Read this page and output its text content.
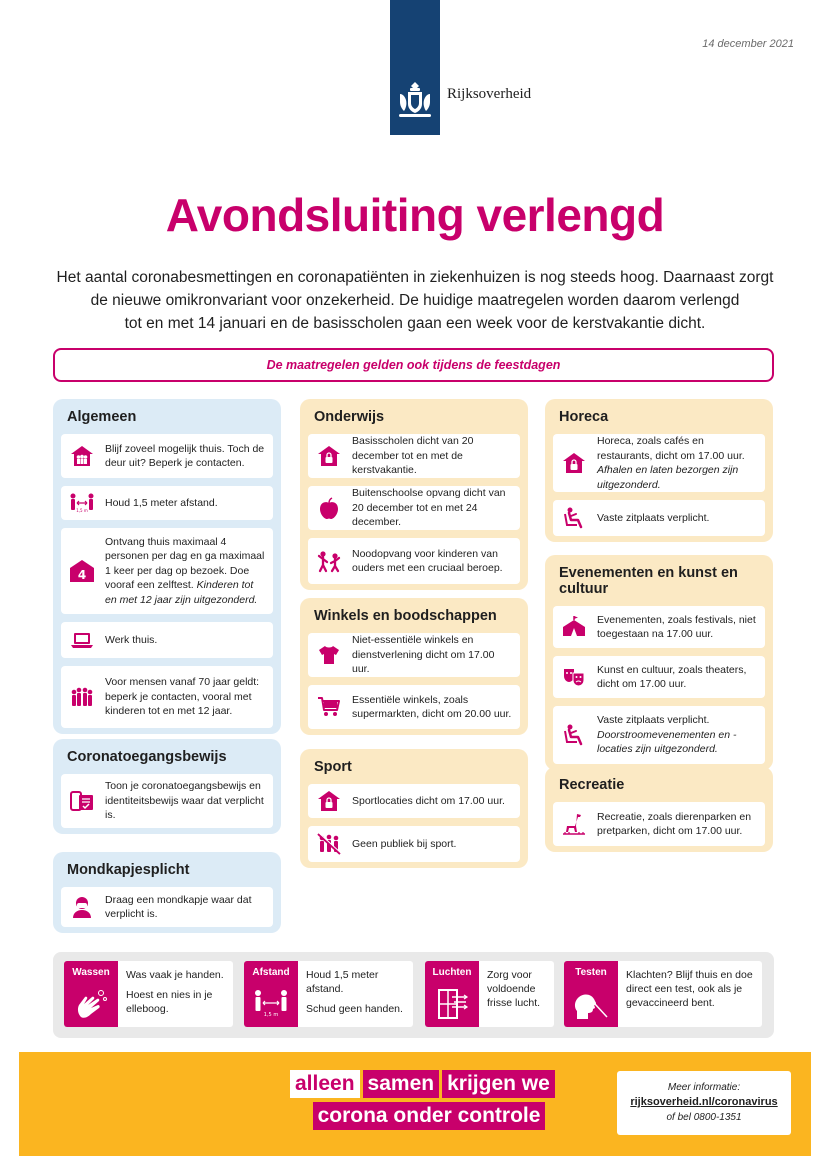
14 december 2021
Rijksoverheid
Avondsluiting verlengd
Het aantal coronabesmettingen en coronapatiënten in ziekenhuizen is nog steeds hoog. Daarnaast zorgt
de nieuwe omikronvariant voor onzekerheid. De huidige maatregelen worden daarom verlengd
tot en met 14 januari en de basisscholen gaan een week voor de kerstvakantie dicht.
De maatregelen gelden ook tijdens de feestdagen
Algemeen
Blijf zoveel mogelijk thuis. Toch de deur uit? Beperk je contacten.
1,5 m
Houd 1,5 meter afstand.
4
Ontvang thuis maximaal 4 personen per dag en ga maximaal 1 keer per dag op bezoek. Doe vooraf een zelftest. Kinderen tot en met 12 jaar zijn uitgezonderd.
Werk thuis.
Voor mensen vanaf 70 jaar geldt: beperk je contacten, vooral met kinderen tot en met 12 jaar.
Coronatoegangsbewijs
Toon je coronatoegangsbewijs en identiteitsbewijs waar dat verplicht is.
Mondkapjesplicht
Draag een mondkapje waar dat verplicht is.
Onderwijs
Basisscholen dicht van 20 december tot en met de kerstvakantie.
Buitenschoolse opvang dicht van 20 december tot en met 24 december.
Noodopvang voor kinderen van ouders met een cruciaal beroep.
Winkels en boodschappen
Niet-essentiële winkels en dienstverlening dicht om 17.00 uur.
Essentiële winkels, zoals supermarkten, dicht om 20.00 uur.
Sport
Sportlocaties dicht om 17.00 uur.
Geen publiek bij sport.
Horeca
Horeca, zoals cafés en restaurants, dicht om 17.00 uur. Afhalen en laten bezorgen zijn uitgezonderd.
Vaste zitplaats verplicht.
Evenementen en kunst en cultuur
Evenementen, zoals festivals, niet toegestaan na 17.00 uur.
Kunst en cultuur, zoals theaters, dicht om 17.00 uur.
Vaste zitplaats verplicht.
Doorstroomevenementen en -locaties zijn uitgezonderd.
Recreatie
Recreatie, zoals dierenparken en pretparken, dicht om 17.00 uur.
Wassen	Was vaak je handen.
Hoest en nies in je elleboog.
Afstand
1,5 m
Houd 1,5 meter afstand.
Schud geen handen.
Luchten	Zorg voor voldoende frisse lucht.
Testen	Klachten? Blijf thuis en doe direct een test, ook als je gevaccineerd bent.
alleen samen krijgen we
corona onder controle
Meer informatie:
rijksoverheid.nl/coronavirus
of bel 0800-1351
